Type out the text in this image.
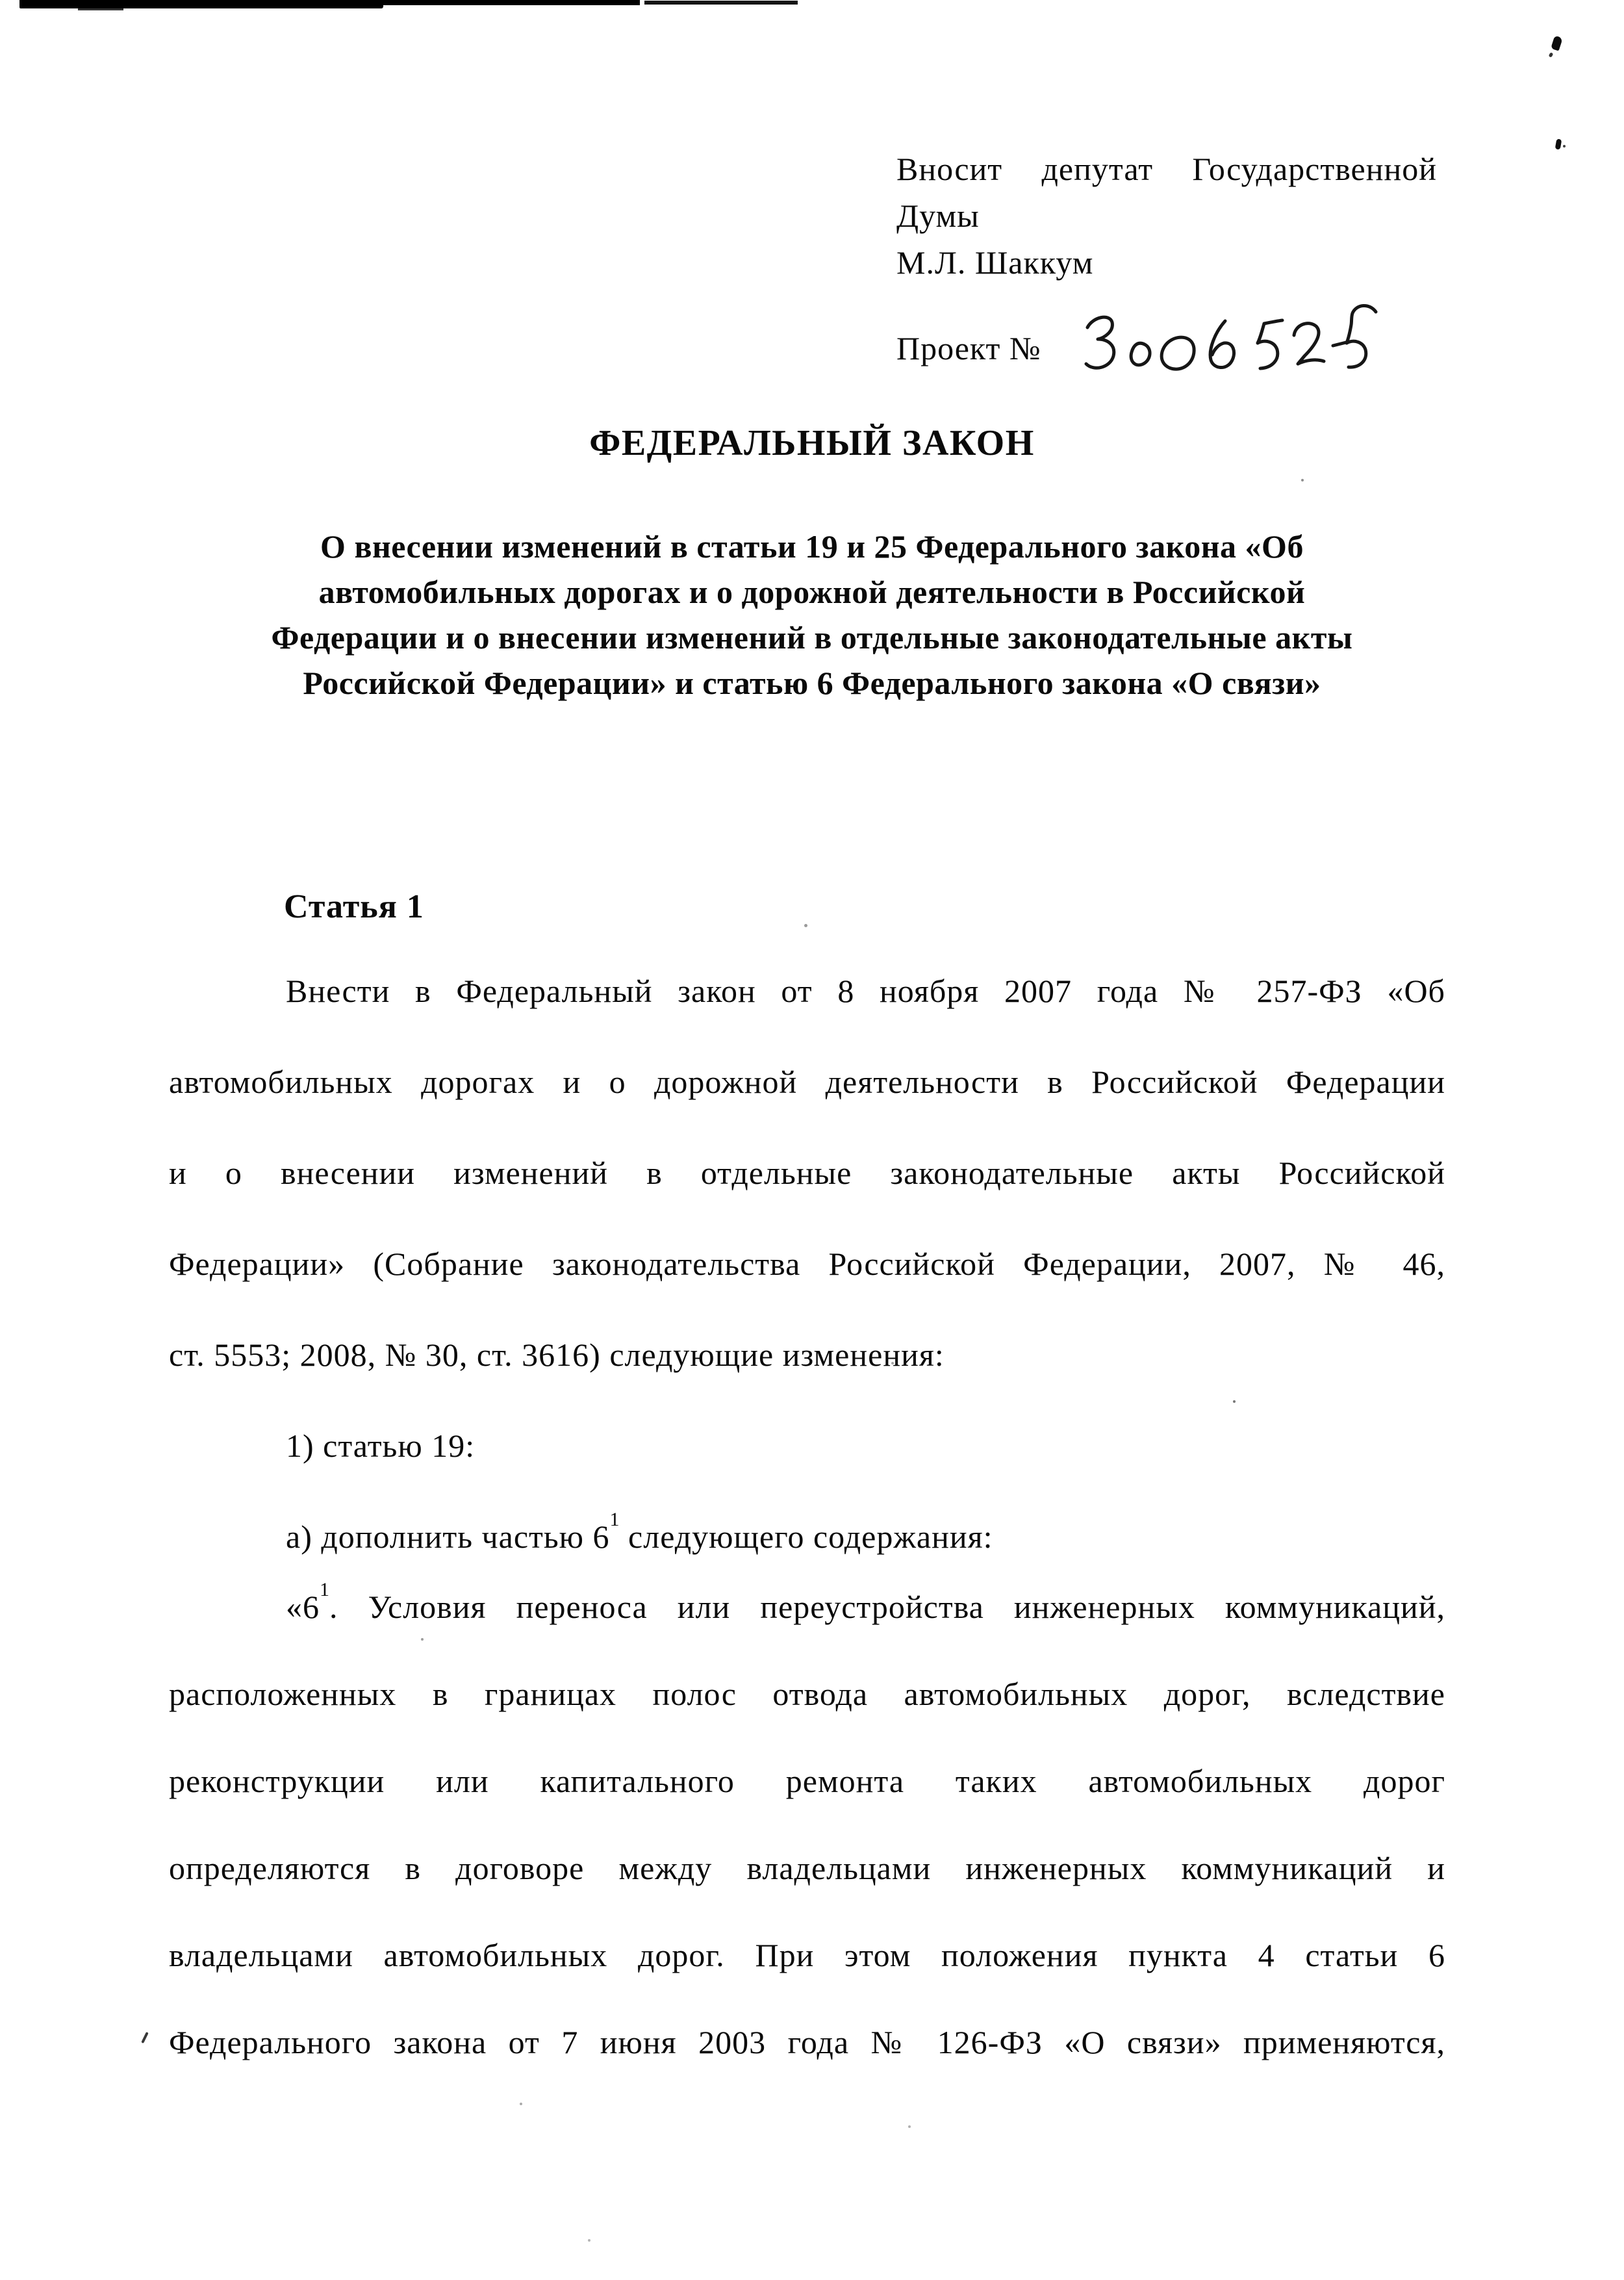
Вносит депутат Государственной
Думы
М.Л. Шаккум
Проект №
ФЕДЕРАЛЬНЫЙ ЗАКОН
О внесении изменений в статьи 19 и 25 Федерального закона «Об
автомобильных дорогах и о дорожной деятельности в Российской
Федерации и о внесении изменений в отдельные законодательные акты
Российской Федерации» и статью 6 Федерального закона «О связи»
Статья 1
Внести в Федеральный закон от 8 ноября 2007 года № 257-ФЗ «Об
автомобильных дорогах и о дорожной деятельности в Российской Федерации
и о внесении изменений в отдельные законодательные акты Российской
Федерации» (Собрание законодательства Российской Федерации, 2007, № 46,
ст. 5553; 2008, № 30, ст. 3616) следующие изменения:
1) статью 19:
а) дополнить частью $6^1$ следующего содержания:
«$6^1$. Условия переноса или переустройства инженерных коммуникаций,
расположенных в границах полос отвода автомобильных дорог, вследствие
реконструкции или капитального ремонта таких автомобильных дорог
определяются в договоре между владельцами инженерных коммуникаций и
владельцами автомобильных дорог. При этом положения пункта 4 статьи 6
Федерального закона от 7 июня 2003 года № 126-ФЗ «О связи» применяются,
